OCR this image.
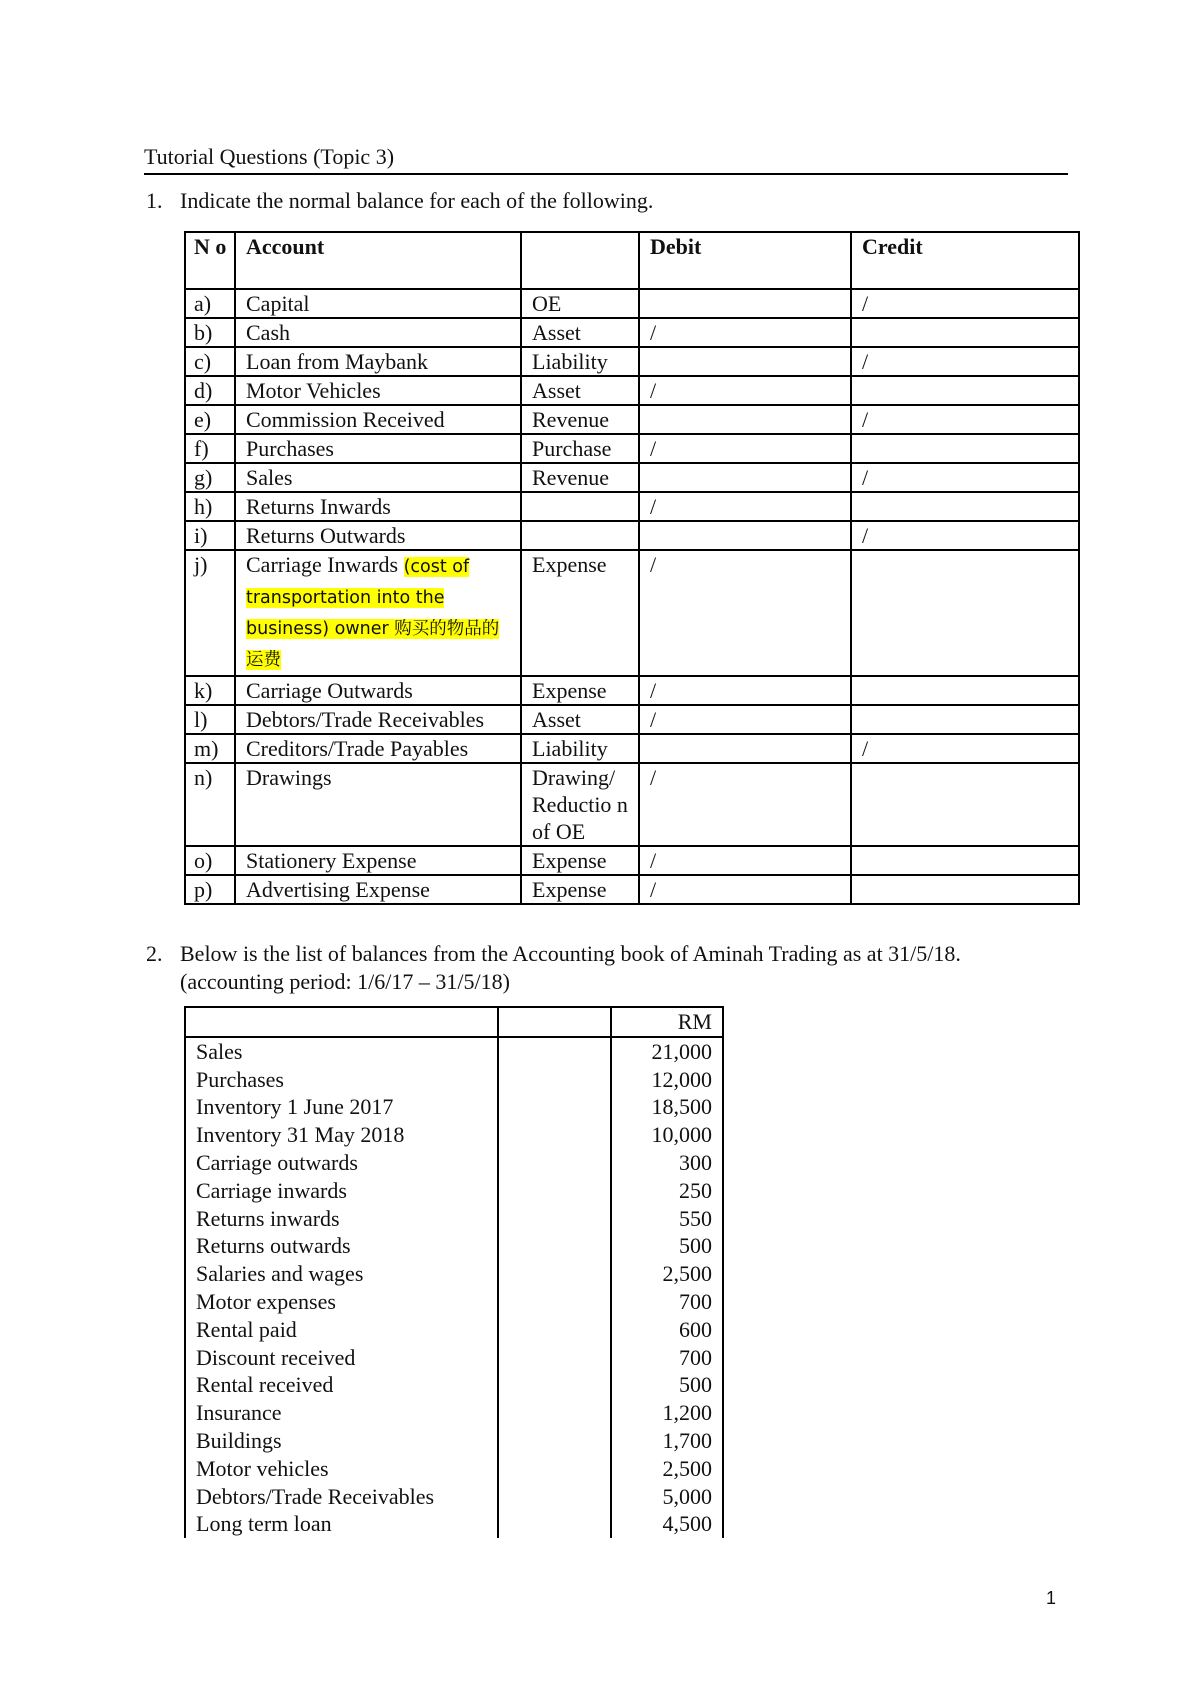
Tutorial Questions (Topic 3)
1. Indicate the normal balance for each of the following.
N o	Account		Debit	Credit
a)	Capital	OE		/
b)	Cash	Asset	/	
c)	Loan from Maybank	Liability		/
d)	Motor Vehicles	Asset	/	
e)	Commission Received	Revenue		/
f)	Purchases	Purchase	/	
g)	Sales	Revenue		/
h)	Returns Inwards		/	
i)	Returns Outwards			/
j)	Carriage Inwards (cost of transportation into the business) owner 购买的物品的运费	Expense	/	
k)	Carriage Outwards	Expense	/	
l)	Debtors/Trade Receivables	Asset	/	
m)	Creditors/Trade Payables	Liability		/
n)	Drawings	Drawing/ Reductio n of OE	/	
o)	Stationery Expense	Expense	/	
p)	Advertising Expense	Expense	/	
2. Below is the list of balances from the Accounting book of Aminah Trading as at 31/5/18.
(accounting period: 1/6/17 – 31/5/18)
		RM
Sales		21,000
Purchases		12,000
Inventory 1 June 2017		18,500
Inventory 31 May 2018		10,000
Carriage outwards		300
Carriage inwards		250
Returns inwards		550
Returns outwards		500
Salaries and wages		2,500
Motor expenses		700
Rental paid		600
Discount received		700
Rental received		500
Insurance		1,200
Buildings		1,700
Motor vehicles		2,500
Debtors/Trade Receivables		5,000
Long term loan		4,500
1
